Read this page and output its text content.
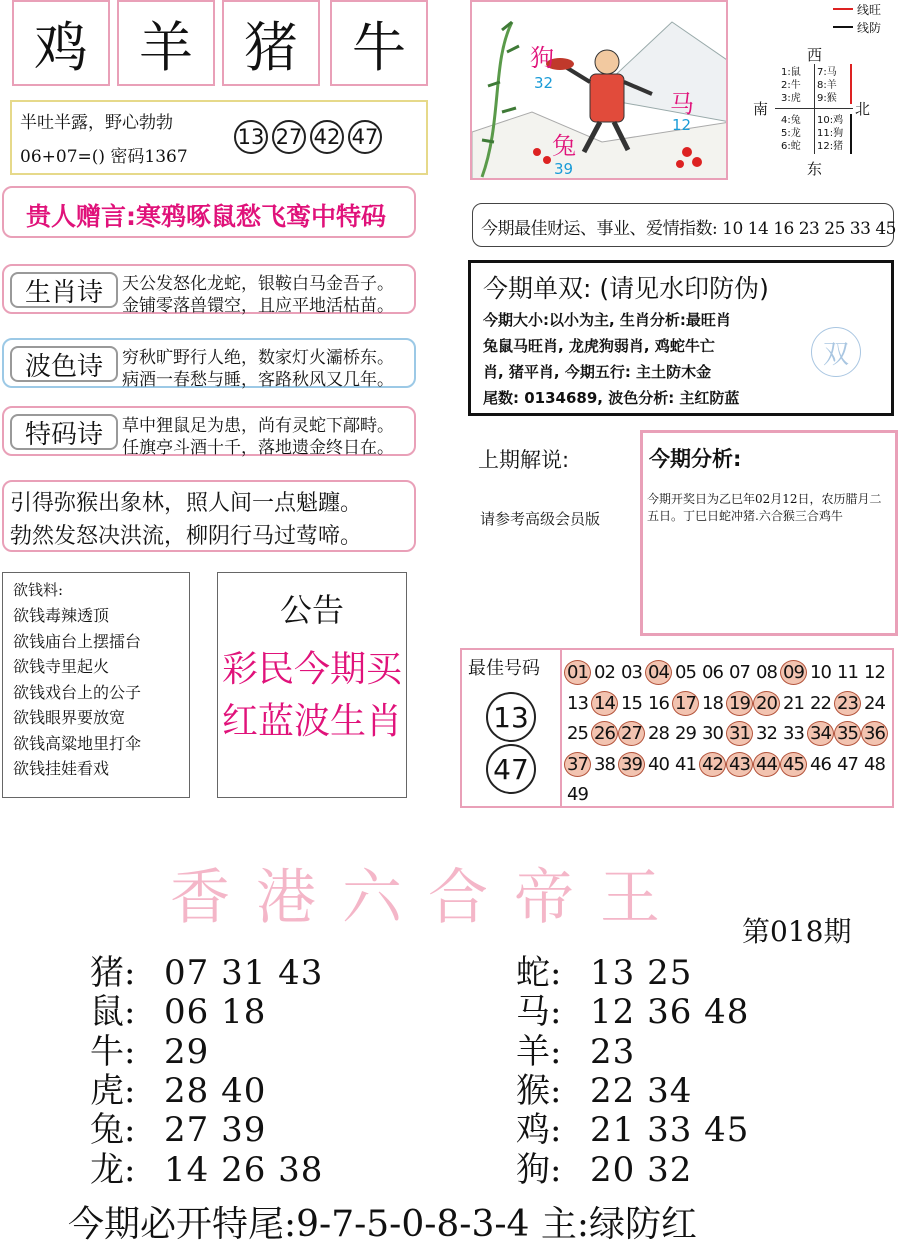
鸡 羊 猪	牛
半吐半露，野心勃勃
06+07=() 密码1367
13 27 42 47
贵人赠言:寒鸦啄鼠愁飞鸾中特码
生肖诗	天公发怒化龙蛇，银鞍白马金吾子。
金铺零落兽镮空，且应平地活枯苗。
波色诗	穷秋旷野行人绝，数家灯火灞桥东。
病酒一春愁与睡，客路秋风又几年。
特码诗	草中狸鼠足为患，尚有灵蛇下鄗畤。
任旗亭斗酒十千，落地遗金终日在。
引得弥猴出象林，照人间一点魁躔。
勃然发怒决洪流，柳阴行马过莺啼。
欲钱料:
欲钱毒辣透顶
欲钱庙台上摆擂台
欲钱寺里起火
欲钱戏台上的公子
欲钱眼界要放宽
欲钱高粱地里打伞
欲钱挂娃看戏
公告
彩民今期买
红蓝波生肖
狗
32
兔
39
马
12
线旺
线防
西
南	北
东
1:鼠
2:牛
3:虎
7:马
8:羊
9:猴
4:兔
5:龙
6:蛇
10:鸡
11:狗
12:猪
今期最佳财运、事业、爱情指数: 10 14 16 23 25 33 45
今期单双: (请见水印防伪)
今期大小:以小为主, 生肖分析:最旺肖
兔鼠马旺肖, 龙虎狗弱肖, 鸡蛇牛亡
肖, 猪平肖, 今期五行: 主土防木金
尾数: 0134689, 波色分析: 主红防蓝
双
上期解说:
请参考高级会员版
今期分析:
今期开奖日为乙巳年02月12日，农历腊月二五日。丁巳日蛇冲猪.六合猴三合鸡牛
最佳号码
13
47
01 02 03 04 05 06 07 08 09 10 11 12
13 14 15 16 17 18 19 20 21 22 23 24
25 26 27 28 29 30 31 32 33 34 35 36
37 38 39 40 41 42 43 44 45 46 47 48
49
香港六合帝王 第018期
猪: 07 31 43
鼠: 06 18
牛: 29
虎: 28 40
兔: 27 39
龙: 14 26 38
蛇: 13 25
马: 12 36 48
羊: 23
猴: 22 34
鸡: 21 33 45
狗: 20 32
今期必开特尾:9-7-5-0-8-3-4 主:绿防红
